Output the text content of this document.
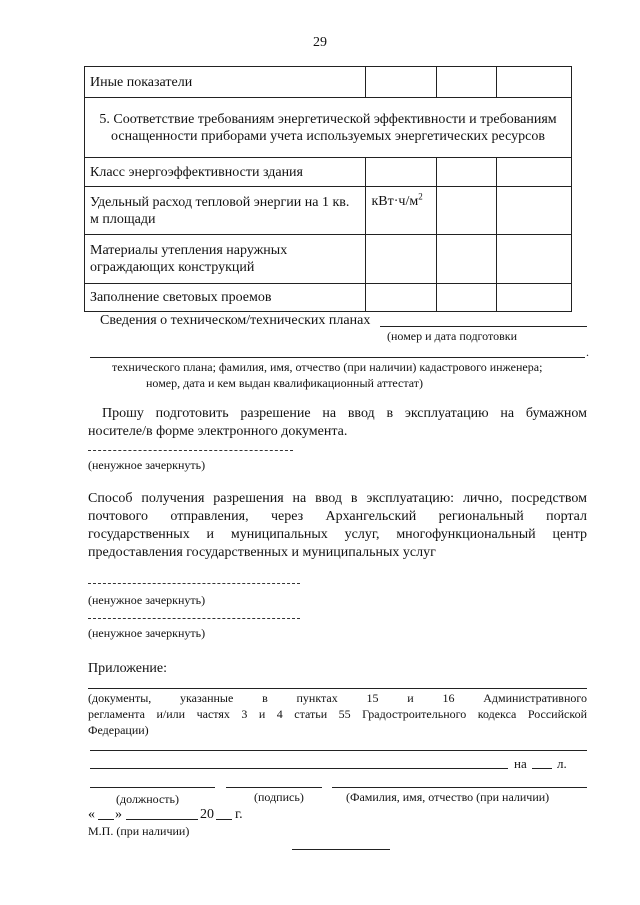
29
Иные показатели			
5. Соответствие требованиям энергетической эффективности и требованиям оснащенности приборами учета используемых энергетических ресурсов			
Класс энергоэффективности здания			
Удельный расход тепловой энергии на 1 кв. м площади	$кВт\cdot ч/м^2$		
Материалы утепления наружных ограждающих конструкций			
Заполнение световых проемов			
Сведения о техническом/технических планах
(номер и дата подготовки
.
технического плана; фамилия, имя, отчество (при наличии) кадастрового инженера;
номер, дата и кем выдан квалификационный аттестат)
Прошу подготовить разрешение на ввод в эксплуатацию на бумажном
носителе/в форме электронного документа.
(ненужное зачеркнуть)
Способ получения разрешения на ввод в эксплуатацию: лично, посредством
почтового отправления, через Архангельский региональный портал
государственных и муниципальных услуг, многофункциональный центр
предоставления государственных и муниципальных услуг
(ненужное зачеркнуть)
(ненужное зачеркнуть)
Приложение:
(документы, указанные в пунктах 15 и 16 Административного
регламента и/или частях 3 и 4 статьи 55 Градостроительного кодекса Российской
Федерации)
на л.
(должность)	(подпись)	(Фамилия, имя, отчество (при наличии)
« »	20 г.
М.П. (при наличии)
